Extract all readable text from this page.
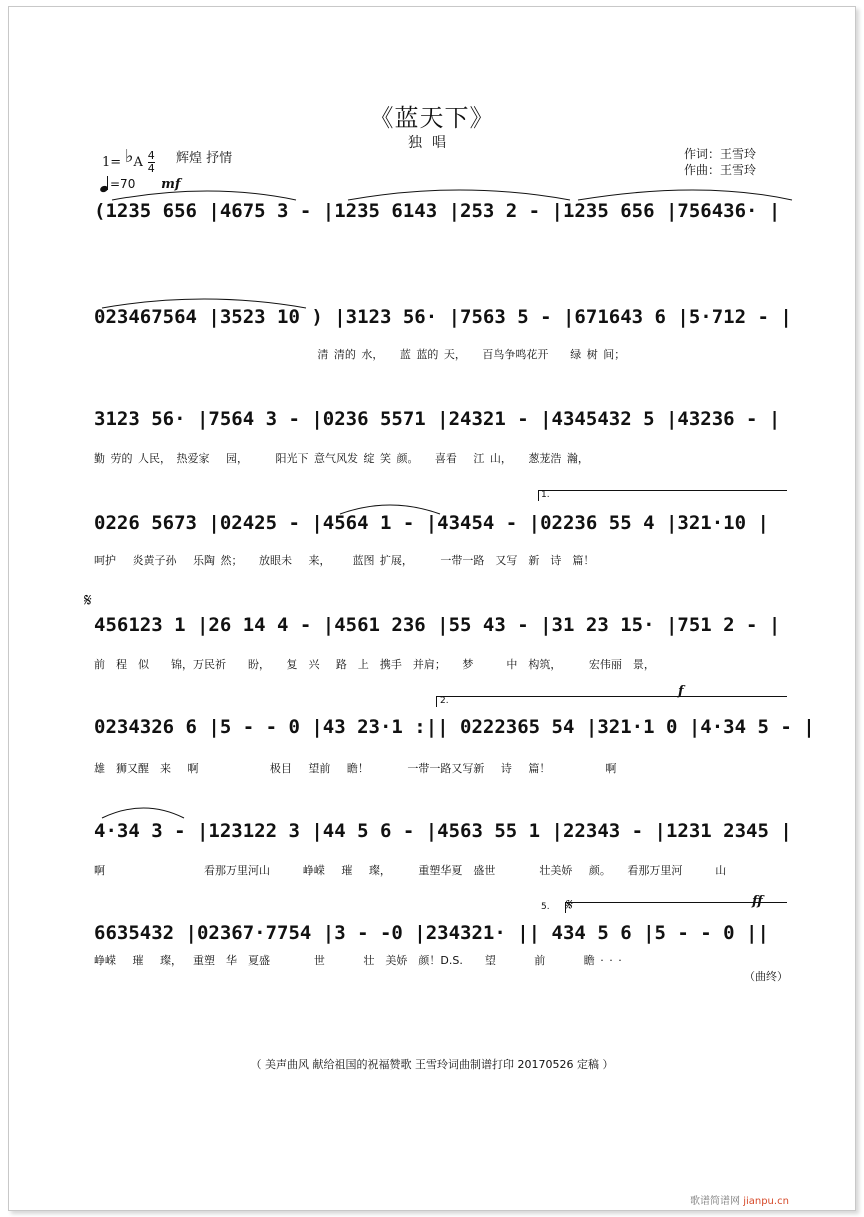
《蓝天下》
独唱
1= ♭A $\frac{4}{4}$ 辉煌 抒情
=70 mf
作词：王雪玲
作曲：王雪玲
(1235 656 |4675 3 - |1235 6143 |253 2 - |1235 656 |756436· |
023467564 |3523 10 ) |3123 56· |7563 5 - |671643 6 |5·712 - |
清 清的 水，   蓝 蓝的 天，   百鸟争鸣花开    绿 树 间；
3123 56· |7564 3 - |0236 5571 |24321 - |4345432 5 |43236 - |
勤 劳的 人民， 热爱家   园，     阳光下 意气风发 绽 笑 颜。   喜看   江 山，   葱茏浩 瀚，
1.
0226 5673 |02425 - |4564 1 - |43454 - |02236 55 4 |321·10 |
呵护   炎黄子孙   乐陶 然；   放眼未   来，    蓝图 扩展，     一带一路  又写  新  诗  篇！
𝄋
456123 1 |26 14 4 - |4561 236 |55 43 - |31 23 15· |751 2 - |
前  程  似    锦，万民祈    盼，   复  兴   路  上  携手  并肩；   梦      中  构筑，     宏伟丽  景，
2.
f
0234326 6 |5 - - 0 |43 23·1 :|| 0222365 54 |321·1 0 |4·34 5 - |
雄  狮又醒  来   啊             极目   望前   瞻！       一带一路又写新   诗   篇！          啊
4·34 3 - |123122 3 |44 5 6 - |4563 55 1 |22343 - |1231 2345 |
啊                  看那万里河山      峥嵘   璀   璨，     重塑华夏  盛世        壮美娇   颜。   看那万里河      山
5. 𝄋	ff
6635432 |02367·7754 |3 - -0 |234321· || 434 5 6 |5 - - 0 ||
峥嵘   璀   璨，  重塑  华  夏盛        世       壮  美娇  颜！D.S.    望       前       瞻 · · ·
（曲终）
（ 美声曲风 献给祖国的祝福赞歌 王雪玲词曲制谱打印 20170526 定稿 ）
歌谱简谱网 jianpu.cn
